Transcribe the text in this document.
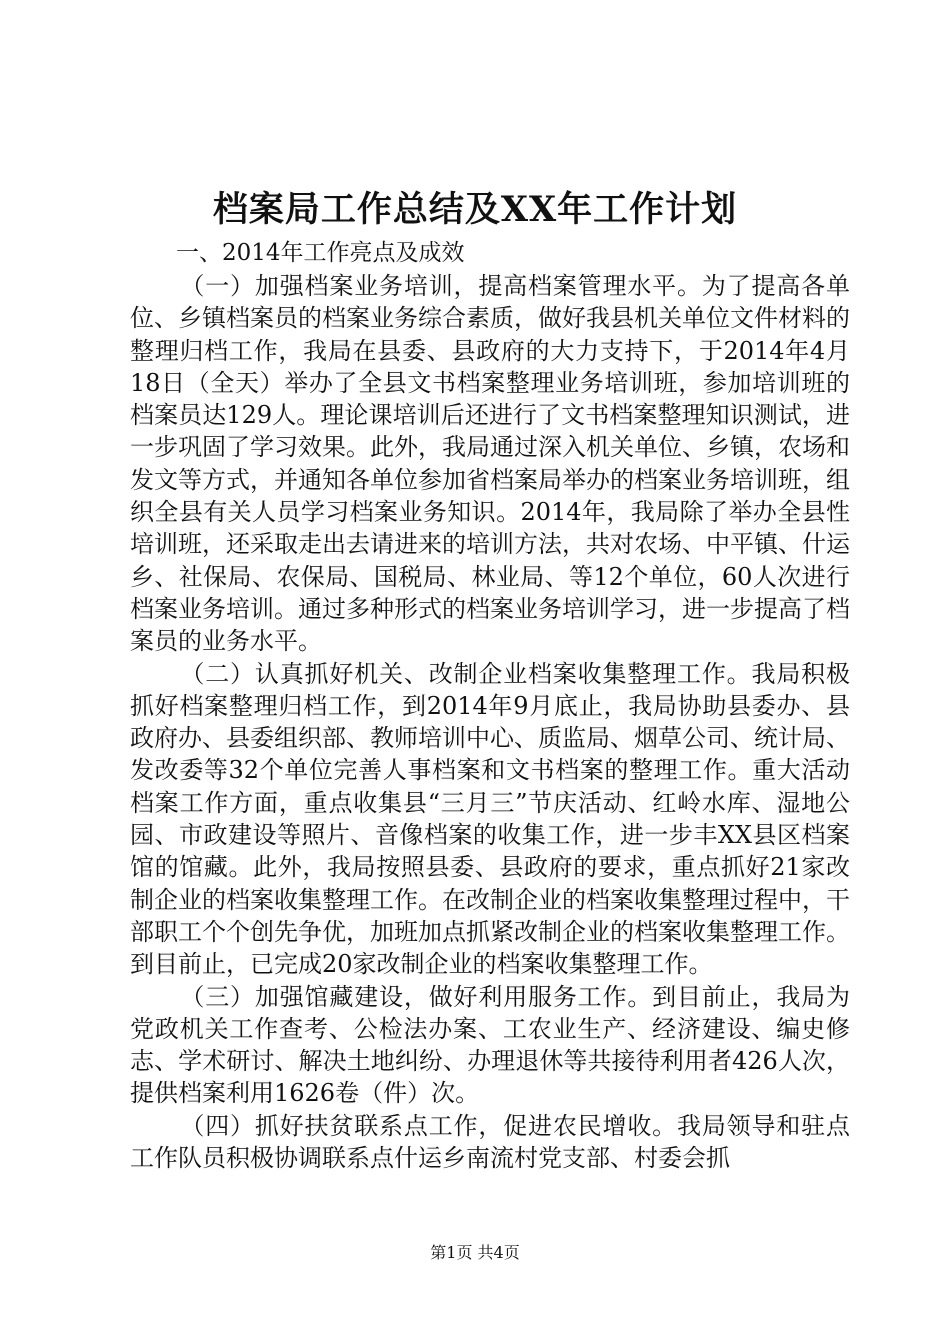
档案局工作总结及XX年工作计划
一、2014年工作亮点及成效

（一）加强档案业务培训，提高档案管理水平。为了提高各单位、乡镇档案员的档案业务综合素质，做好我县机关单位文件材料的整理归档工作，我局在县委、县政府的大力支持下，于2014年4月18日（全天）举办了全县文书档案整理业务培训班，参加培训班的档案员达129人。理论课培训后还进行了文书档案整理知识测试，进一步巩固了学习效果。此外，我局通过深入机关单位、乡镇，农场和发文等方式，并通知各单位参加省档案局举办的档案业务培训班，组织全县有关人员学习档案业务知识。2014年，我局除了举办全县性培训班，还采取走出去请进来的培训方法，共对农场、中平镇、什运乡、社保局、农保局、国税局、林业局、等12个单位，60人次进行档案业务培训。通过多种形式的档案业务培训学习，进一步提高了档案员的业务水平。

（二）认真抓好机关、改制企业档案收集整理工作。我局积极抓好档案整理归档工作，到2014年9月底止，我局协助县委办、县政府办、县委组织部、教师培训中心、质监局、烟草公司、统计局、发改委等32个单位完善人事档案和文书档案的整理工作。重大活动档案工作方面，重点收集县“三月三”节庆活动、红岭水库、湿地公园、市政建设等照片、音像档案的收集工作，进一步丰XX县区档案馆的馆藏。此外，我局按照县委、县政府的要求，重点抓好21家改制企业的档案收集整理工作。在改制企业的档案收集整理过程中，干部职工个个创先争优，加班加点抓紧改制企业的档案收集整理工作。到目前止，已完成20家改制企业的档案收集整理工作。

（三）加强馆藏建设，做好利用服务工作。到目前止，我局为党政机关工作查考、公检法办案、工农业生产、经济建设、编史修志、学术研讨、解决土地纠纷、办理退休等共接待利用者426人次，提供档案利用1626卷（件）次。

（四）抓好扶贫联系点工作，促进农民增收。我局领导和驻点工作队员积极协调联系点什运乡南流村党支部、村委会抓

第1页 共4页
